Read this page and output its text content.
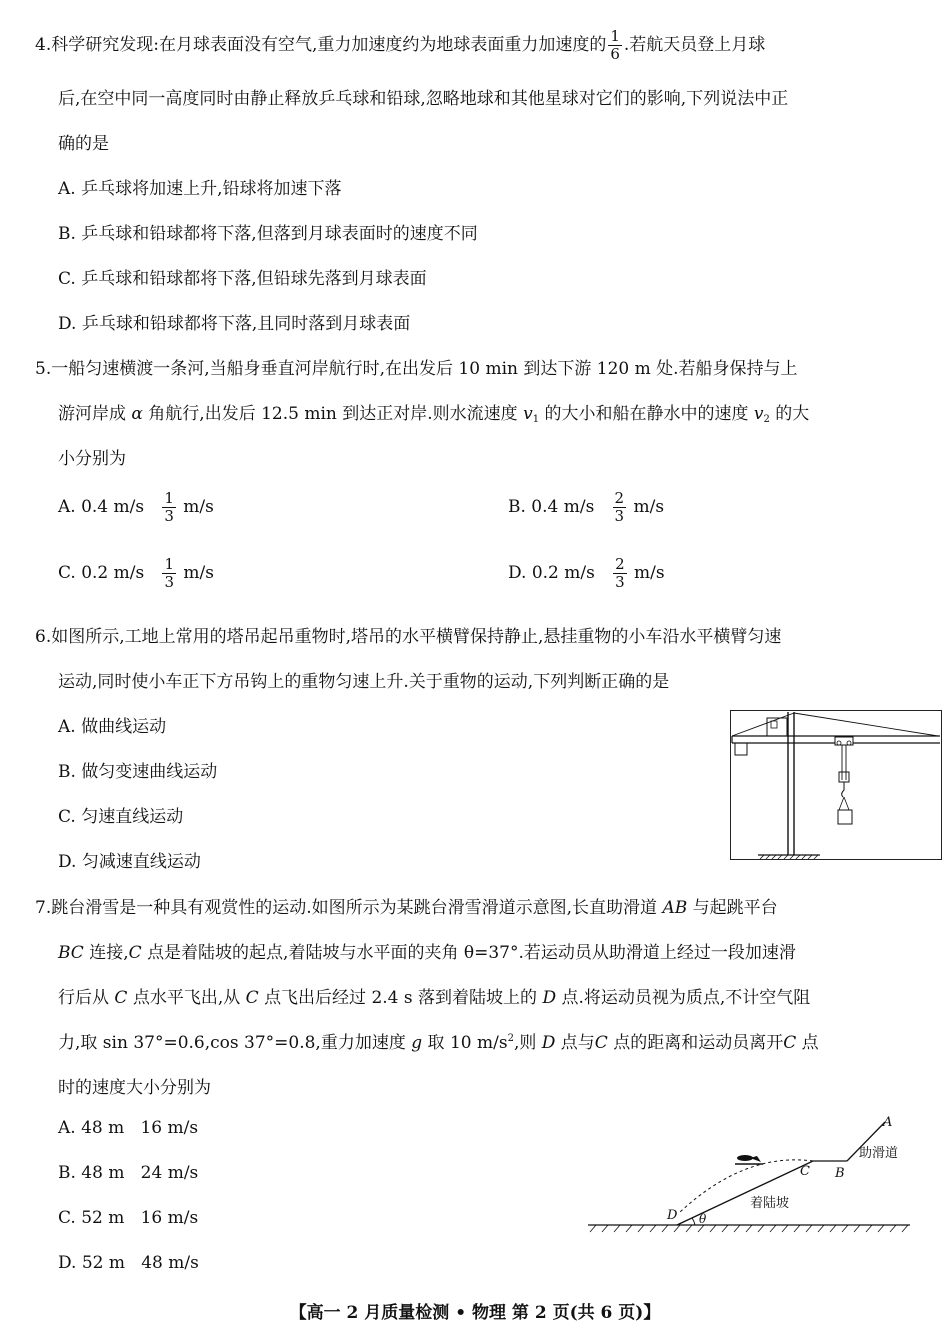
4.科学研究发现:在月球表面没有空气,重力加速度约为地球表面重力加速度的 $\frac{1}{6}$ .若航天员登上月球
后,在空中同一高度同时由静止释放乒乓球和铅球,忽略地球和其他星球对它们的影响,下列说法中正
确的是
A. 乒乓球将加速上升,铅球将加速下落
B. 乒乓球和铅球都将下落,但落到月球表面时的速度不同
C. 乒乓球和铅球都将下落,但铅球先落到月球表面
D. 乒乓球和铅球都将下落,且同时落到月球表面
5.一船匀速横渡一条河,当船身垂直河岸航行时,在出发后 10 min 到达下游 120 m 处.若船身保持与上
游河岸成 α 角航行,出发后 12.5 min 到达正对岸.则水流速度 $v_1$ 的大小和船在静水中的速度 $v_2$ 的大
小分别为
A. 0.4 $m/s \frac{1}{3} m/s$	B. 0.4 $m/s \frac{2}{3} m/s$
C. 0.2 $m/s \frac{1}{3} m/s$	D. 0.2 $m/s \frac{2}{3} m/s$
6.如图所示,工地上常用的塔吊起吊重物时,塔吊的水平横臂保持静止,悬挂重物的小车沿水平横臂匀速
运动,同时使小车正下方吊钩上的重物匀速上升.关于重物的运动,下列判断正确的是
A. 做曲线运动
B. 做匀变速曲线运动
C. 匀速直线运动
D. 匀减速直线运动
7.跳台滑雪是一种具有观赏性的运动.如图所示为某跳台滑雪滑道示意图,长直助滑道 AB 与起跳平台
BC 连接,C 点是着陆坡的起点,着陆坡与水平面的夹角 θ=37°.若运动员从助滑道上经过一段加速滑
行后从 C 点水平飞出,从 C 点飞出后经过 2.4 s 落到着陆坡上的 D 点.将运动员视为质点,不计空气阻
力,取 sin 37°=0.6,cos 37°=0.8,重力加速度 g 取 10 $m/s^2$,则 D 点与C 点的距离和运动员离开C 点
时的速度大小分别为
A. 48 m   16 m/s
B. 48 m   24 m/s
C. 52 m   16 m/s
D. 52 m   48 m/s
A
B
C
D θ
助滑道
着陆坡
【高一 2 月质量检测 • 物理 第 2 页(共 6 页)】
